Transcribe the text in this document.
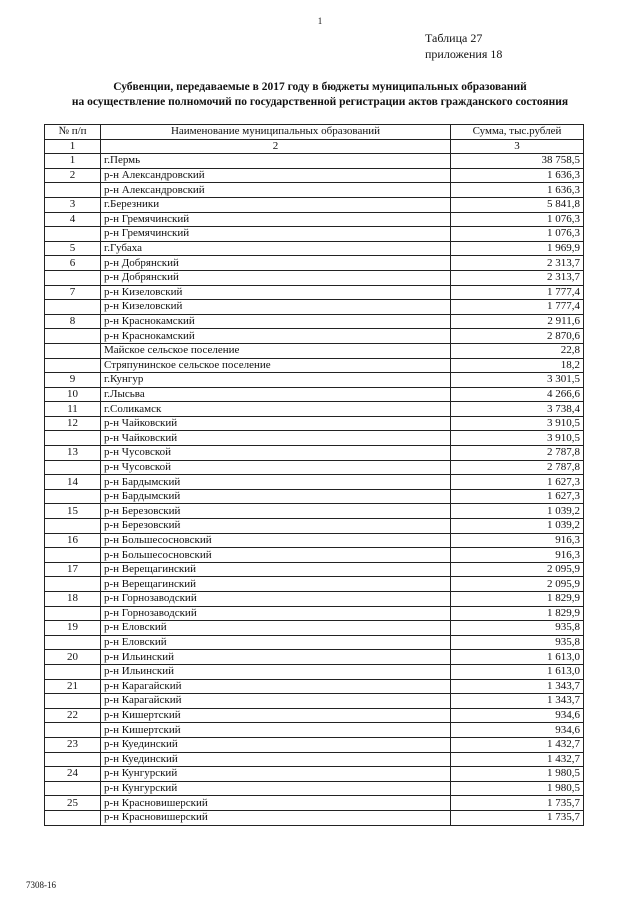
1
Таблица 27
приложения 18
Субвенции, передаваемые в 2017 году в бюджеты муниципальных образований
на осуществление полномочий по государственной регистрации актов гражданского состояния
№ п/п	Наименование муниципальных образований	Сумма, тыс.рублей
1	2	3
1	г.Пермь	38 758,5
2	р-н Александровский	1 636,3
	р-н Александровский	1 636,3
3	г.Березники	5 841,8
4	р-н Гремячинский	1 076,3
	р-н Гремячинский	1 076,3
5	г.Губаха	1 969,9
6	р-н Добрянский	2 313,7
	р-н Добрянский	2 313,7
7	р-н Кизеловский	1 777,4
	р-н Кизеловский	1 777,4
8	р-н Краснокамский	2 911,6
	р-н Краснокамский	2 870,6
	Майское сельское поселение	22,8
	Стряпунинское сельское поселение	18,2
9	г.Кунгур	3 301,5
10	г.Лысьва	4 266,6
11	г.Соликамск	3 738,4
12	р-н Чайковский	3 910,5
	р-н Чайковский	3 910,5
13	р-н Чусовской	2 787,8
	р-н Чусовской	2 787,8
14	р-н Бардымский	1 627,3
	р-н Бардымский	1 627,3
15	р-н Березовский	1 039,2
	р-н Березовский	1 039,2
16	р-н Большесосновский	916,3
	р-н Большесосновский	916,3
17	р-н Верещагинский	2 095,9
	р-н Верещагинский	2 095,9
18	р-н Горнозаводский	1 829,9
	р-н Горнозаводский	1 829,9
19	р-н Еловский	935,8
	р-н Еловский	935,8
20	р-н Ильинский	1 613,0
	р-н Ильинский	1 613,0
21	р-н Карагайский	1 343,7
	р-н Карагайский	1 343,7
22	р-н Кишертский	934,6
	р-н Кишертский	934,6
23	р-н Куединский	1 432,7
	р-н Куединский	1 432,7
24	р-н Кунгурский	1 980,5
	р-н Кунгурский	1 980,5
25	р-н Красновишерский	1 735,7
	р-н Красновишерский	1 735,7
7308-16
